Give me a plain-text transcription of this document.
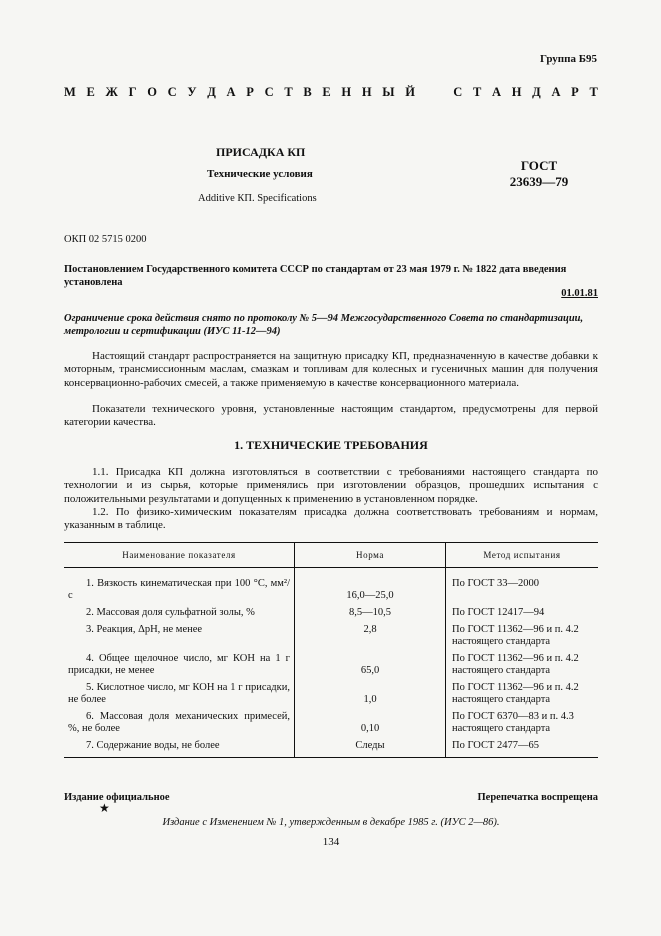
Группа Б95
М Е Ж Г О С У Д А Р С Т В Е Н Н Ы Й

	С Т А Н Д А Р Т
ПРИСАДКА КП
Технические условия
Additive КП. Specifications
ГОСТ
23639—79
ОКП 02 5715 0200
Постановлением Государственного комитета СССР по стандартам от 23 мая 1979 г. № 1822 дата введения установлена
01.01.81
Ограничение срока действия снято по протоколу № 5—94 Межгосударственного Совета по стандартизации, метрологии и сертификации (ИУС 11-12—94)

Настоящий стандарт распространяется на защитную присадку КП, предназначенную в качестве добавки к моторным, трансмиссионным маслам, смазкам и топливам для колесных и гусеничных машин для получения консервационно-рабочих смесей, а также применяемую в качестве консервационного материала.

Показатели технического уровня, установленные настоящим стандартом, предусмотрены для первой категории качества.

1. ТЕХНИЧЕСКИЕ ТРЕБОВАНИЯ

1.1. Присадка КП должна изготовляться в соответствии с требованиями настоящего стандарта по технологии и из сырья, которые применялись при изготовлении образцов, прошедших испытания с положительными результатами и допущенных к применению в установленном порядке.

1.2. По физико-химическим показателям присадка должна соответствовать требованиям и нормам, указанным в таблице.

Наименование показателя	Норма	Метод испытания
1. Вязкость кинематическая при 100 °С, мм²/с	16,0—25,0	По ГОСТ 33—2000
2. Массовая доля сульфатной золы, %	8,5—10,5	По ГОСТ 12417—94
3. Реакция, ΔpH, не менее	2,8	По ГОСТ 11362—96 и п. 4.2 настоящего стандарта
4. Общее щелочное число, мг КОН на 1 г присадки, не менее	65,0	По ГОСТ 11362—96 и п. 4.2 настоящего стандарта
5. Кислотное число, мг КОН на 1 г присадки, не более	1,0	По ГОСТ 11362—96 и п. 4.2 настоящего стандарта
6. Массовая доля механических примесей, %, не более	0,10	По ГОСТ 6370—83 и п. 4.3 настоящего стандарта
7. Содержание воды, не более	Следы	По ГОСТ 2477—65
Издание официальное	Перепечатка воспрещена
★
Издание с Изменением № 1, утвержденным в декабре 1985 г. (ИУС 2—86).
134
